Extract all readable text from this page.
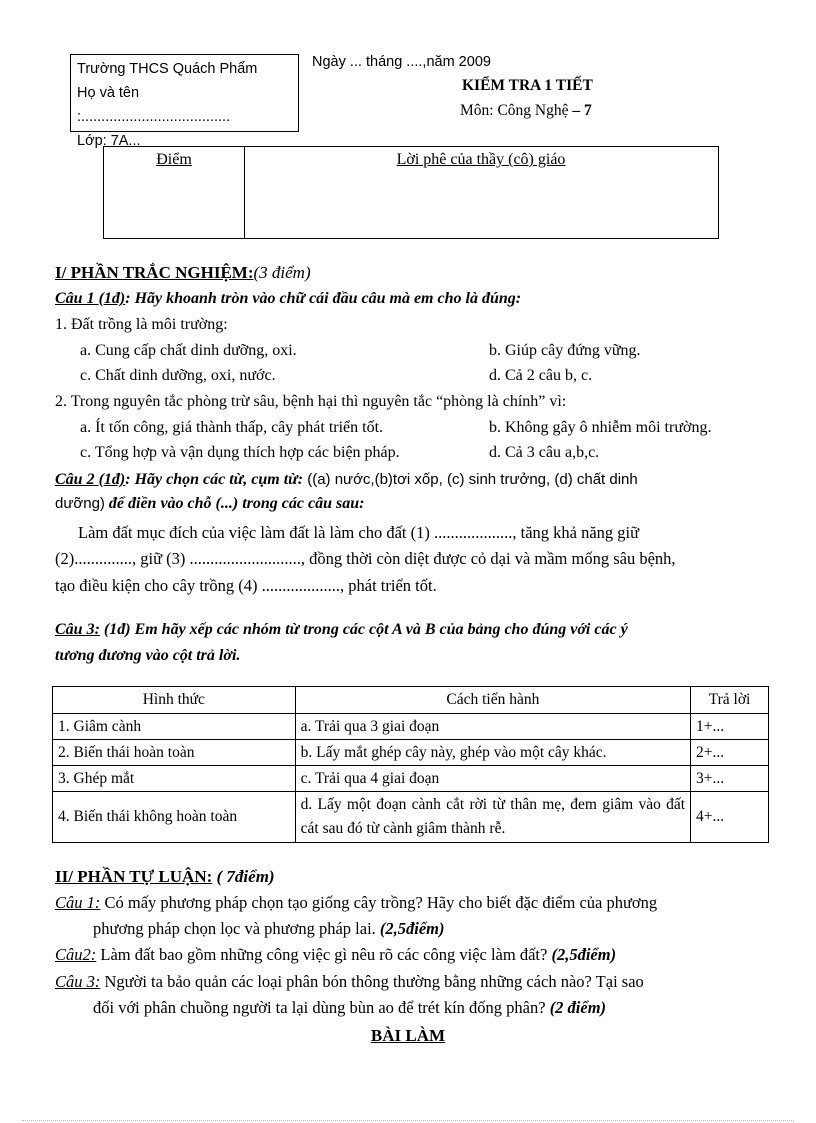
Trường THCS Quách Phẩm
Họ và tên :.....................................
Lớp: 7A...
Ngày ... tháng ....,năm 2009
KIỂM TRA 1 TIẾT
Môn: Công Nghệ – 7
Điểm	Lời phê của thầy (cô) giáo
I/ PHẦN TRẮC NGHIỆM:(3 điểm)
Câu 1 (1đ): Hãy khoanh tròn vào chữ cái đầu câu mà em cho là đúng:
1. Đất trồng là môi trường:
a. Cung cấp chất dinh dưỡng, oxi.	b. Giúp cây đứng vững.
c. Chất dinh dưỡng, oxi, nước.	d. Cả 2 câu b, c.
2. Trong nguyên tắc phòng trừ sâu, bệnh hại thì nguyên tắc “phòng là chính” vì:
a. Ít tốn công, giá thành thấp, cây phát triển tốt.	b. Không gây ô nhiễm môi trường.
c. Tổng hợp và vận dụng thích hợp các biện pháp.	d. Cả 3 câu a,b,c.
Câu 2 (1đ): Hãy chọn các từ, cụm từ: ((a) nước,(b)tơi xốp, (c) sinh trưởng, (d) chất dinh
dưỡng) để điền vào chỗ (...) trong các câu sau:
Làm đất mục đích của việc làm đất là làm cho đất (1) ..................., tăng khả năng giữ
(2).............., giữ (3) ..........................., đồng thời còn diệt được cỏ dại và mầm mống sâu bệnh,
tạo điều kiện cho cây trồng (4) ..................., phát triển tốt.
Câu 3: (1đ) Em hãy xếp các nhóm từ trong các cột A và B của bảng cho đúng với các ý
tương đương vào cột trả lời.
Hình thức	Cách tiến hành	Trả lời
1. Giâm cành	a. Trải qua 3 giai đoạn	1+...
2. Biến thái hoàn toàn	b. Lấy mắt ghép cây này, ghép vào một cây khác.	2+...
3. Ghép mắt	c. Trải qua 4 giai đoạn	3+...
4. Biến thái không hoàn toàn	d. Lấy một đoạn cành cắt rời từ thân mẹ, đem giâm vào đất cát sau đó từ cành giâm thành rễ.	4+...
II/ PHẦN TỰ LUẬN: ( 7điểm)
Câu 1: Có mấy phương pháp chọn tạo giống cây trồng? Hãy cho biết đặc điểm của phương
phương pháp chọn lọc và phương pháp lai. (2,5điểm)
Câu2: Làm đất bao gồm những công việc gì nêu rõ các công việc làm đất? (2,5điểm)
Câu 3: Người ta bảo quản các loại phân bón thông thường bằng những cách nào? Tại sao
đối với phân chuồng người ta lại dùng bùn ao để trét kín đống phân? (2 điểm)
BÀI LÀM
